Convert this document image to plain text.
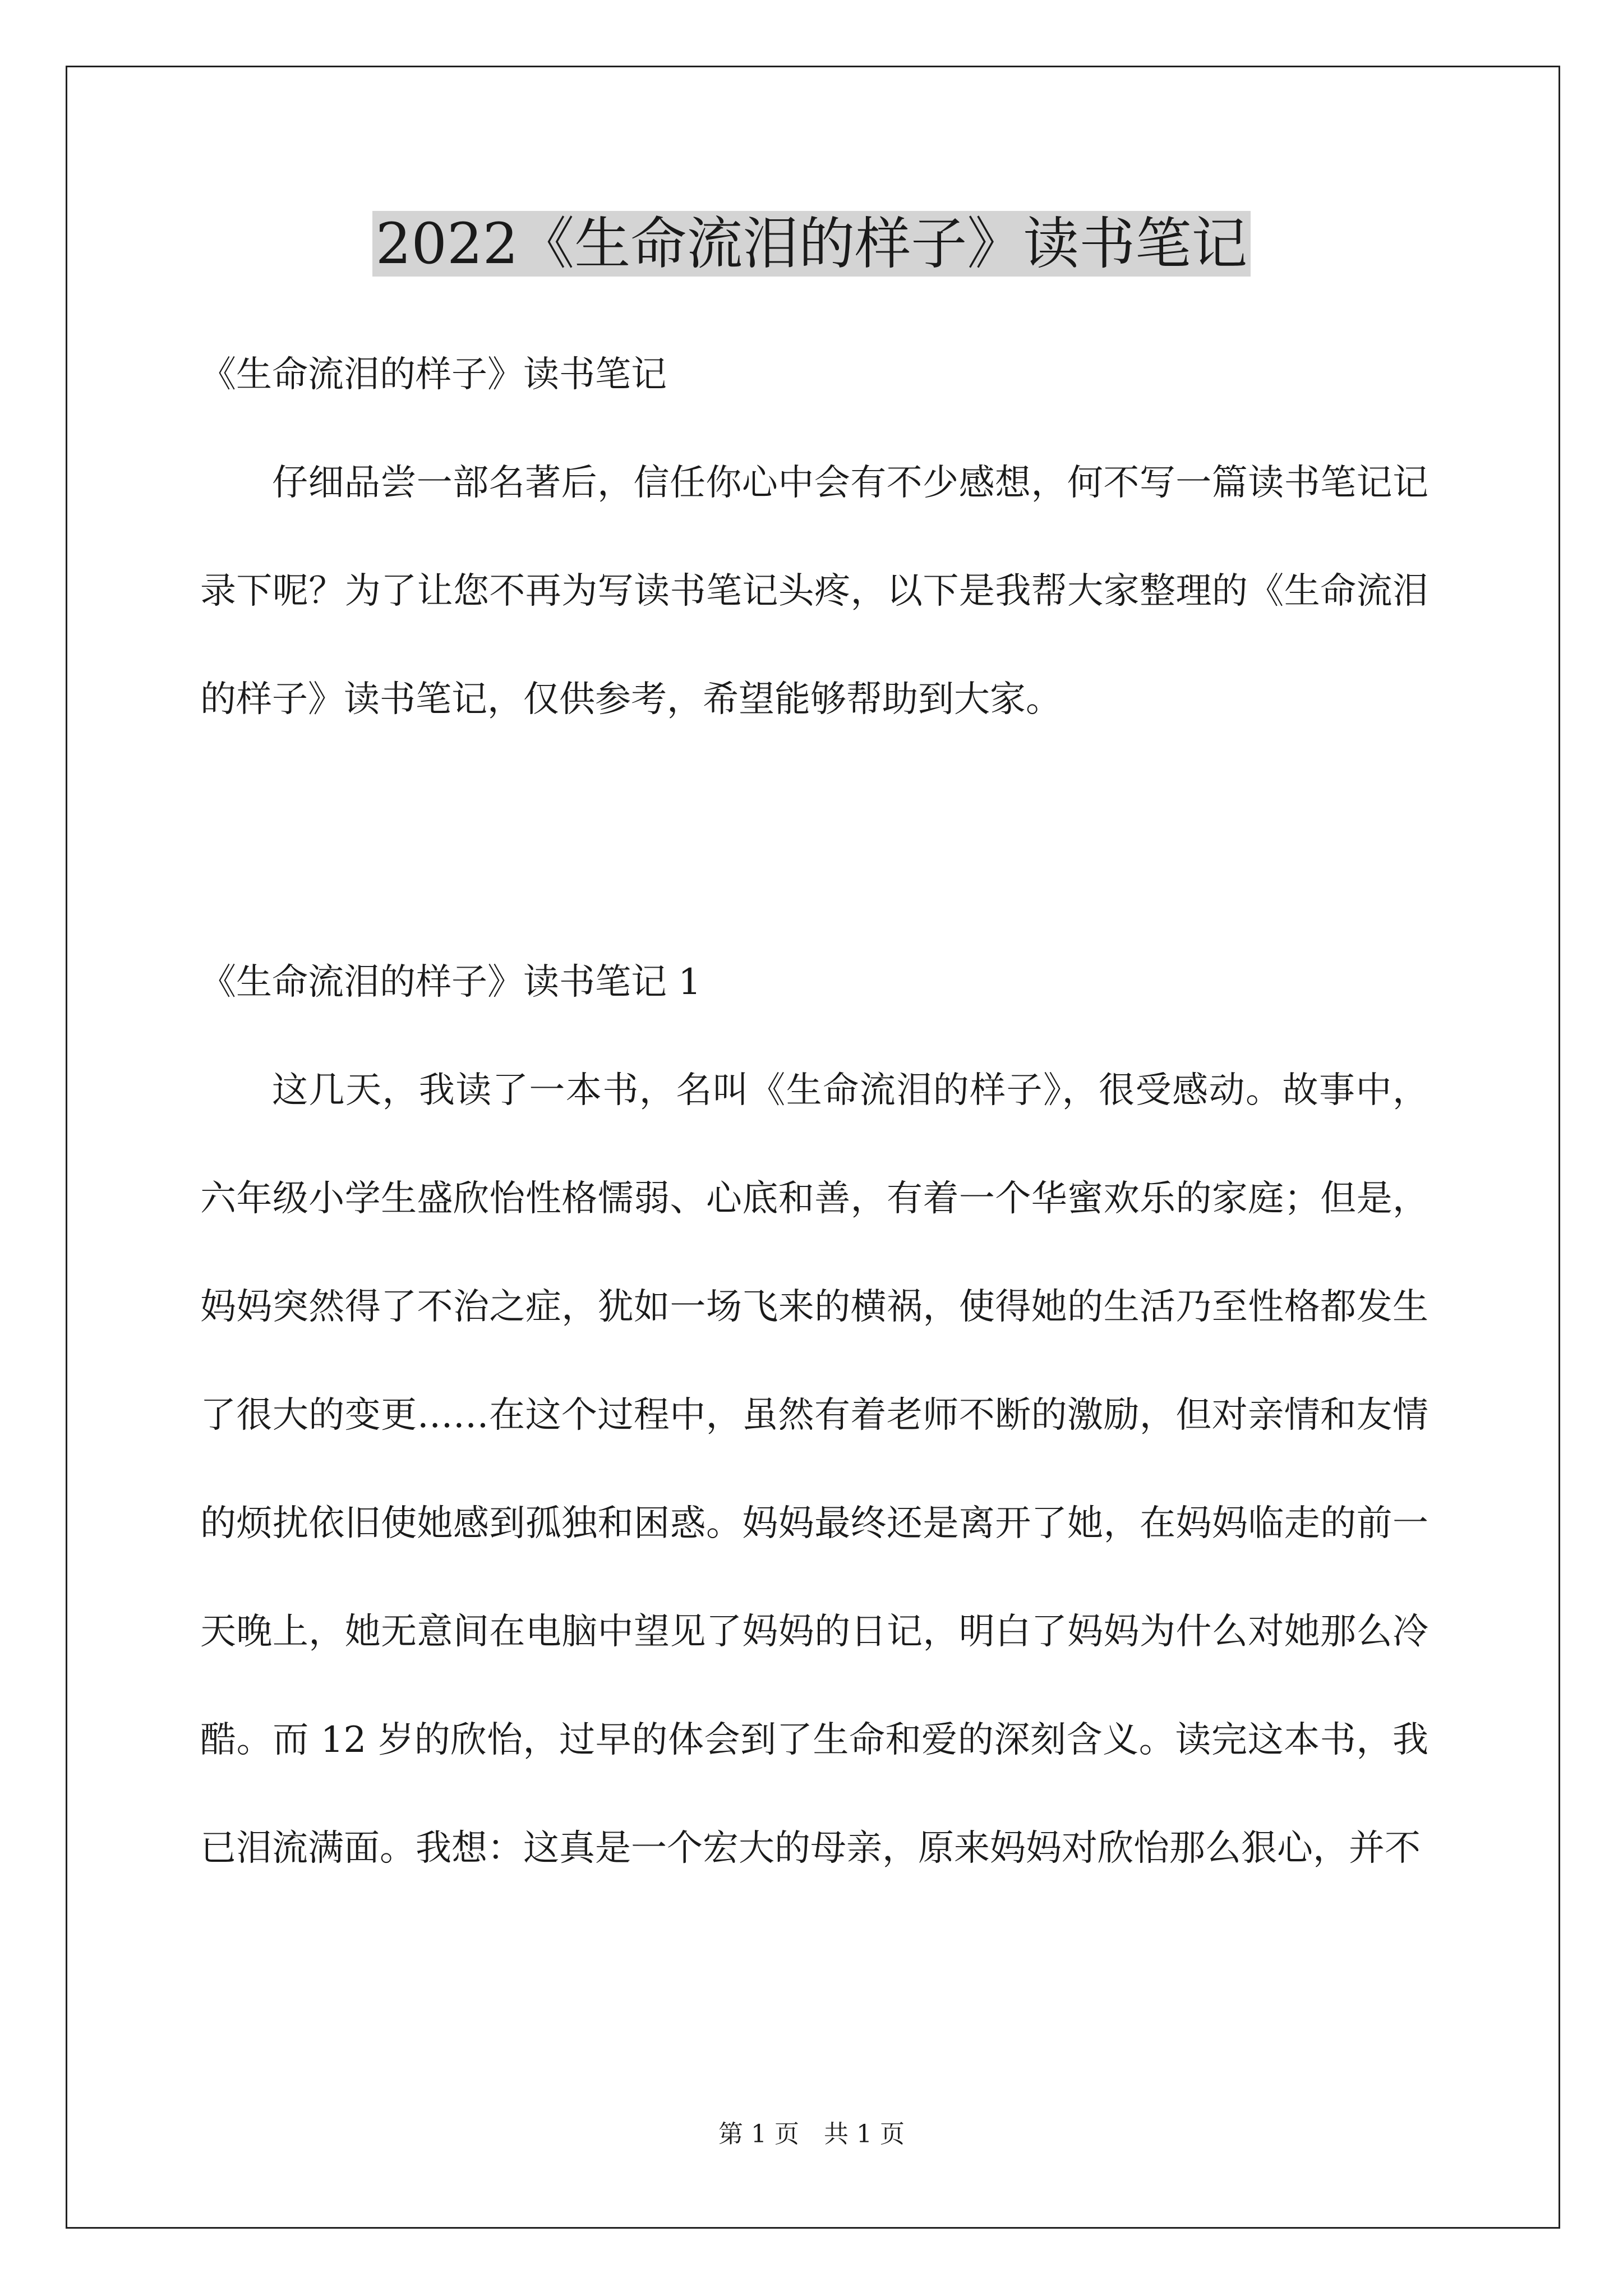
2022《生命流泪的样子》读书笔记

《生命流泪的样子》读书笔记

仔细品尝一部名著后，信任你心中会有不少感想，何不写一篇读书笔记记录下呢？为了让您不再为写读书笔记头疼，以下是我帮大家整理的《生命流泪的样子》读书笔记，仅供参考，希望能够帮助到大家。

《生命流泪的样子》读书笔记 1

这几天，我读了一本书，名叫《生命流泪的样子》，很受感动。故事中，六年级小学生盛欣怡性格懦弱、心底和善，有着一个华蜜欢乐的家庭；但是，妈妈突然得了不治之症，犹如一场飞来的横祸，使得她的生活乃至性格都发生了很大的变更……在这个过程中，虽然有着老师不断的激励，但对亲情和友情的烦扰依旧使她感到孤独和困惑。妈妈最终还是离开了她，在妈妈临走的前一天晚上，她无意间在电脑中望见了妈妈的日记，明白了妈妈为什么对她那么冷酷。而 12 岁的欣怡，过早的体会到了生命和爱的深刻含义。读完这本书，我已泪流满面。我想：这真是一个宏大的母亲，原来妈妈对欣怡那么狠心，并不

第 1 页　共 1 页
